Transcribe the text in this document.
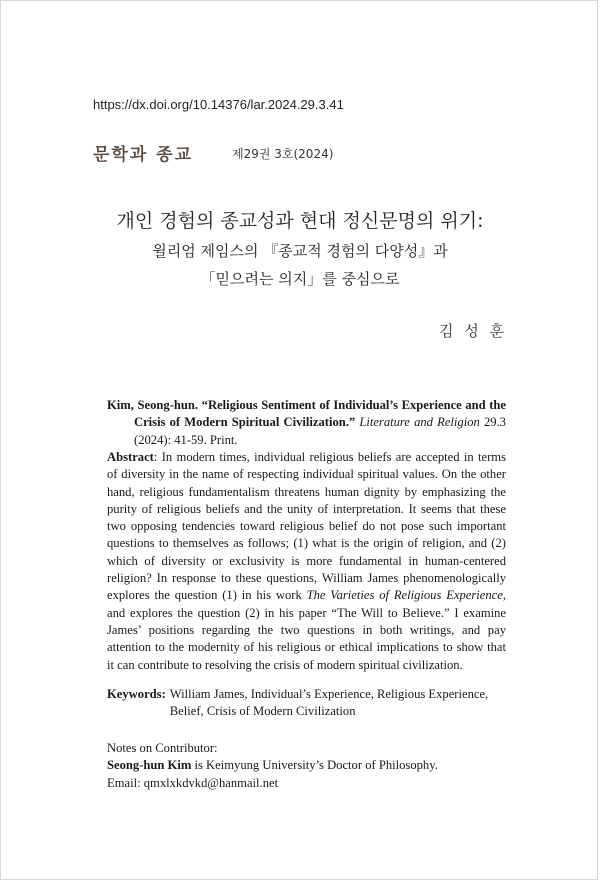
https://dx.doi.org/10.14376/lar.2024.29.3.41
문학과 종교	제29권 3호(2024)
개인 경험의 종교성과 현대 정신문명의 위기:
윌리엄 제임스의 『종교적 경험의 다양성』과
「믿으려는 의지」를 중심으로
김 성 훈
Kim, Seong-hun. “Religious Sentiment of Individual’s Experience and the Crisis of Modern Spiritual Civilization.” Literature and Religion 29.3 (2024): 41-59. Print.
Abstract: In modern times, individual religious beliefs are accepted in terms of diversity in the name of respecting individual spiritual values. On the other hand, religious fundamentalism threatens human dignity by emphasizing the purity of religious beliefs and the unity of interpretation. It seems that these two opposing tendencies toward religious belief do not pose such important questions to themselves as follows; (1) what is the origin of religion, and (2) which of diversity or exclusivity is more fundamental in human-centered religion? In response to these questions, William James phenomenologically explores the question (1) in his work The Varieties of Religious Experience, and explores the question (2) in his paper “The Will to Believe.” I examine James’ positions regarding the two questions in both writings, and pay attention to the modernity of his religious or ethical implications to show that it can contribute to resolving the crisis of modern spiritual civilization.
Keywords: William James, Individual’s Experience, Religious Experience, Belief, Crisis of Modern Civilization
Notes on Contributor:
Seong-hun Kim is Keimyung University’s Doctor of Philosophy.
Email: qmxlxkdvkd@hanmail.net
